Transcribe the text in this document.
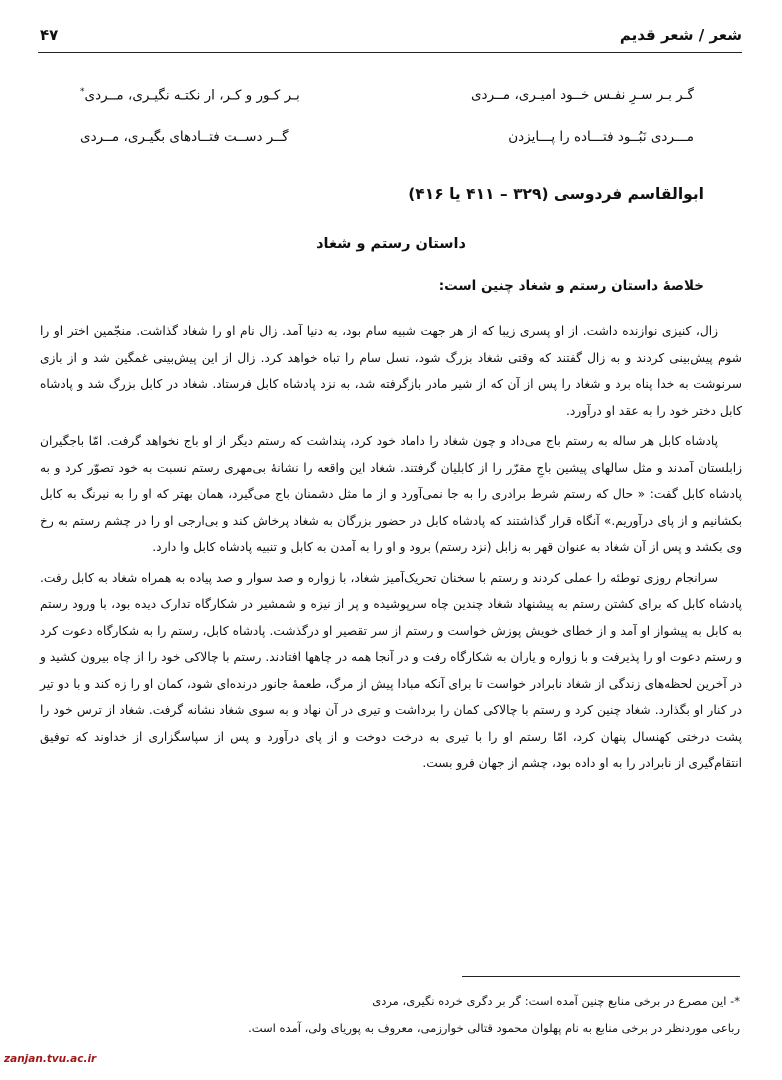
شعر / شعر قدیم
۴۷
گـر بـر سـرِ نفـس خــود امیـری، مــردی
بـر کـور و کـر، ار نکتـه نگیـری، مــردی*
مـــردی نَبُــود فتـــاده را پـــایزدن
گــر دســت فتــادهای بگیـری، مــردی
ابوالقاسم فردوسی (۳۲۹ – ۴۱۱ یا ۴۱۶)
داستان رستم و شغاد
خلاصهٔ داستان رستم و شغاد چنین است:

زال، کنیزی نوازنده داشت. از او پسری زیبا که از هر جهت شبیه سام بود، به دنیا آمد. زال نام او را شغاد گذاشت. منجّمین اختر او را شوم پیش‌بینی کردند و به زال گفتند که وقتی شغاد بزرگ شود، نسل سام را تباه خواهد کرد. زال از این پیش‌بینی غمگین شد و از بازی سرنوشت به خدا پناه برد و شغاد را پس از آن که از شیر مادر بازگرفته شد، به نزد پادشاه کابل فرستاد. شغاد در کابل بزرگ شد و پادشاه کابل دختر خود را به عقد او درآورد.

پادشاه کابل هر ساله به رستم باج می‌داد و چون شغاد را داماد خود کرد، پنداشت که رستم دیگر از او باج نخواهد گرفت. امّا باجگیران زابلستان آمدند و مثل سالهای پیشین باجِ مقرّر را از کابلیان گرفتند. شغاد این واقعه را نشانهٔ بی‌مهری رستم نسبت به خود تصوّر کرد و به پادشاه کابل گفت: « حال که رستم شرط برادری را به جا نمی‌آورد و از ما مثل دشمنان باج می‌گیرد، همان بهتر که او را به نیرنگ به کابل بکشانیم و از پای درآوریم.» آنگاه قرار گذاشتند که پادشاه کابل در حضور بزرگان به شغاد پرخاش کند و بی‌ارجی او را در چشم رستم به رخ وی بکشد و پس از آن شغاد به عنوان قهر به زابل (نزد رستم) برود و او را به آمدن به کابل و تنبیه پادشاه کابل وا دارد.

سرانجام روزی توطئه را عملی کردند و رستم با سخنان تحریک‌آمیز شغاد، با زواره و صد سوار و صد پیاده به همراه شغاد به کابل رفت. پادشاه کابل که برای کشتن رستم به پیشنهاد شغاد چندین چاه سرپوشیده و پر از نیزه و شمشیر در شکارگاه تدارک دیده بود، با ورود رستم به کابل به پیشواز او آمد و از خطای خویش پوزش خواست و رستم از سر تقصیر او درگذشت. پادشاه کابل، رستم را به شکارگاه دعوت کرد و رستم دعوت او را پذیرفت و با زواره و یاران به شکارگاه رفت و در آنجا همه در چاهها افتادند. رستم با چالاکی خود را از چاه بیرون کشید و در آخرین لحظه‌های زندگی از شغاد نابرادر خواست تا برای آنکه مبادا پیش از مرگ، طعمهٔ جانور درنده‌ای شود، کمان او را زه کند و با دو تیر در کنار او بگذارد. شغاد چنین کرد و رستم با چالاکی کمان را برداشت و تیری در آن نهاد و به سوی شغاد نشانه گرفت. شغاد از ترس خود را پشت درختی کهنسال پنهان کرد، امّا رستم او را با تیری به درخت دوخت و از پای درآورد و پس از سپاسگزاری از خداوند که توفیق انتقام‌گیری از نابرادر را به او داده بود، چشم از جهان فرو بست.

*- این مصرع در برخی منابع چنین آمده است: گر بر دگری خرده نگیری، مردی
رباعی موردنظر در برخی منابع به نام پهلوان محمود قتالی خوارزمی، معروف به پوریای ولی، آمده است.
zanjan.tvu.ac.ir
